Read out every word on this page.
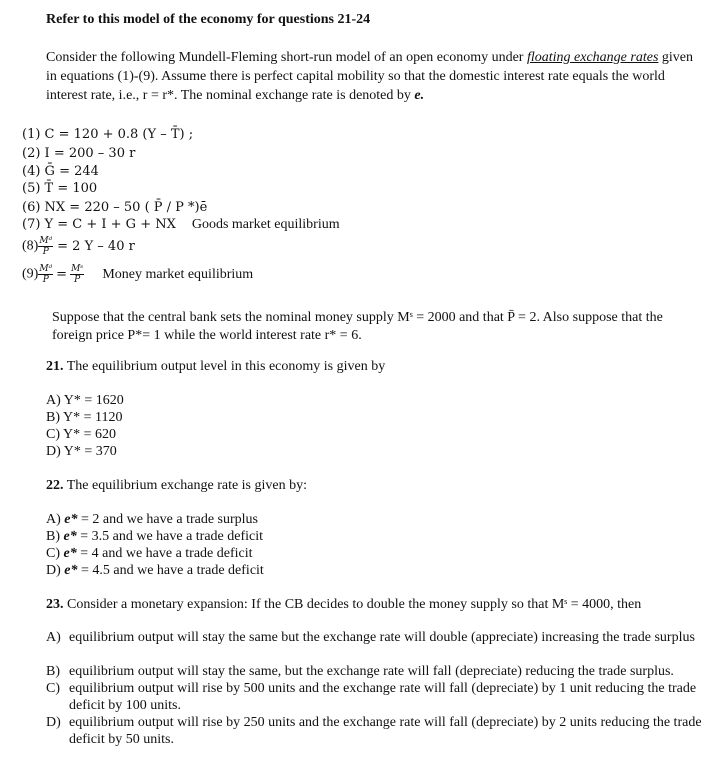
Refer to this model of the economy for questions 21-24
Consider the following Mundell-Fleming short-run model of an open economy under floating exchange rates given in equations (1)-(9). Assume there is perfect capital mobility so that the domestic interest rate equals the world interest rate, i.e., r = r*. The nominal exchange rate is denoted by e.
(1) C = 120 + 0.8 (Y – T̄) ;
(2) I = 200 – 30 r
(4) Ḡ = 244
(5) T̄ = 100
(6) NX = 220 – 50 ( P̄ / P *)ē
(7) Y = C + I + G + NX Goods market equilibrium
$(8) \frac{\text{Mᵈ}}{P} = 2$ Y – 40 r
$(9) \frac{\text{Mᵈ}}{P} = \frac{\text{Mˢ}}{P}$ Money market equilibrium
Suppose that the central bank sets the nominal money supply Mˢ = 2000 and that P̄ = 2. Also suppose that the
foreign price P*= 1 while the world interest rate r* = 6.
21. The equilibrium output level in this economy is given by
A) Y* = 1620
B) Y* = 1120
C) Y* = 620
D) Y* = 370
22. The equilibrium exchange rate is given by:
A) e* = 2 and we have a trade surplus
B) e* = 3.5 and we have a trade deficit
C) e* = 4 and we have a trade deficit
D) e* = 4.5 and we have a trade deficit
23. Consider a monetary expansion: If the CB decides to double the money supply so that Mˢ = 4000, then
A) equilibrium output will stay the same but the exchange rate will double (appreciate) increasing the trade surplus
B) equilibrium output will stay the same, but the exchange rate will fall (depreciate) reducing the trade surplus.
C) equilibrium output will rise by 500 units and the exchange rate will fall (depreciate) by 1 unit reducing the trade deficit by 100 units.
D) equilibrium output will rise by 250 units and the exchange rate will fall (depreciate) by 2 units reducing the trade deficit by 50 units.
